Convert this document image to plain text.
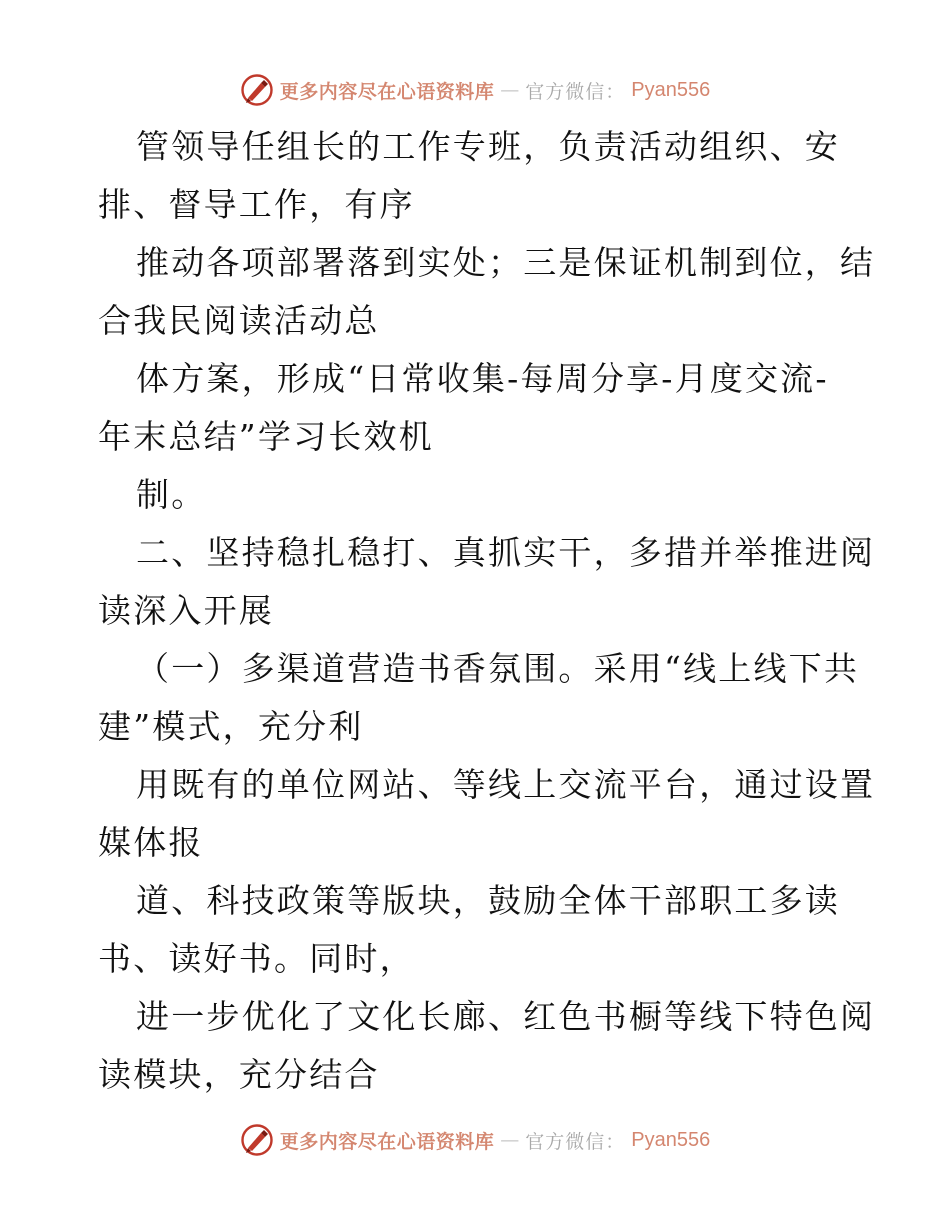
更多内容尽在心语资料库 — 官方微信： Pyan556
管领导任组长的工作专班，负责活动组织、安
排、督导工作，有序
推动各项部署落到实处；三是保证机制到位，结
合我民阅读活动总
体方案，形成“日常收集-每周分享-月度交流-
年末总结”学习长效机
制。
二、坚持稳扎稳打、真抓实干，多措并举推进阅
读深入开展
（一）多渠道营造书香氛围。采用“线上线下共
建”模式，充分利
用既有的单位网站、等线上交流平台，通过设置
媒体报
道、科技政策等版块，鼓励全体干部职工多读
书、读好书。同时，
进一步优化了文化长廊、红色书橱等线下特色阅
读模块，充分结合
更多内容尽在心语资料库 — 官方微信： Pyan556
